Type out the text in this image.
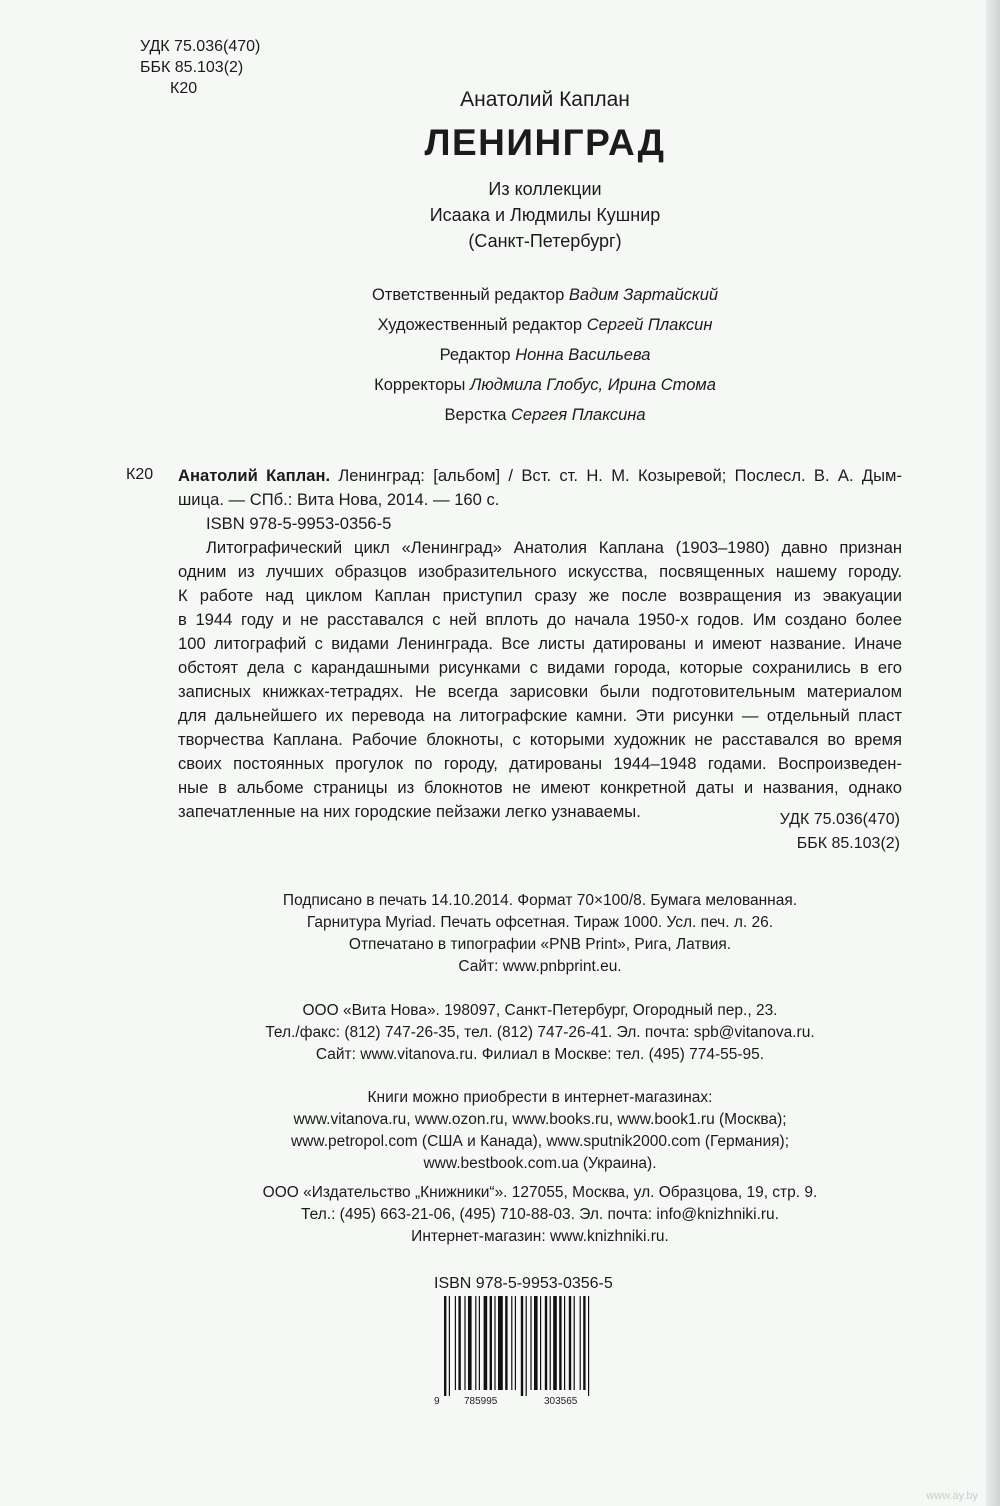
УДК 75.036(470)
ББК 85.103(2)
К20	Анатолий Каплан
ЛЕНИНГРАД
Из коллекции
Исаака и Людмилы Кушнир
(Санкт-Петербург)
Ответственный редактор Вадим Зартайский
Художественный редактор Сергей Плаксин
Редактор Нонна Васильева
Корректоры Людмила Глобус, Ирина Стома
Верстка Сергея Плаксина
К20 Анатолий Каплан. Ленинград: [альбом] / Вст. ст. Н. М. Козыревой; Послесл. В. А. Дым-
шица. — СПб.: Вита Нова, 2014. — 160 с.
ISBN 978-5-9953-0356-5
Литографический цикл «Ленинград» Анатолия Каплана (1903–1980) давно признан
одним из лучших образцов изобразительного искусства, посвященных нашему городу.
К работе над циклом Каплан приступил сразу же после возвращения из эвакуации
в 1944 году и не расставался с ней вплоть до начала 1950-х годов. Им создано более
100 литографий с видами Ленинграда. Все листы датированы и имеют название. Иначе
обстоят дела с карандашными рисунками с видами города, которые сохранились в его
записных книжках-тетрадях. Не всегда зарисовки были подготовительным материалом
для дальнейшего их перевода на литографские камни. Эти рисунки — отдельный пласт
творчества Каплана. Рабочие блокноты, с которыми художник не расставался во время
своих постоянных прогулок по городу, датированы 1944–1948 годами. Воспроизведен-
ные в альбоме страницы из блокнотов не имеют конкретной даты и названия, однако
запечатленные на них городские пейзажи легко узнаваемы.	УДК 75.036(470)
ББК 85.103(2)
Подписано в печать 14.10.2014. Формат 70×100/8. Бумага мелованная.
Гарнитура Myriad. Печать офсетная. Тираж 1000. Усл. печ. л. 26.
Отпечатано в типографии «PNB Print», Рига, Латвия.
Сайт: www.pnbprint.eu.
ООО «Вита Нова». 198097, Санкт-Петербург, Огородный пер., 23.
Тел./факс: (812) 747-26-35, тел. (812) 747-26-41. Эл. почта: spb@vitanova.ru.
Сайт: www.vitanova.ru. Филиал в Москве: тел. (495) 774-55-95.
Книги можно приобрести в интернет-магазинах:
www.vitanova.ru, www.ozon.ru, www.books.ru, www.book1.ru (Москва);
www.petropol.com (США и Канада), www.sputnik2000.com (Германия);
www.bestbook.com.ua (Украина).
ООО «Издательство „Книжники“». 127055, Москва, ул. Образцова, 19, стр. 9.
Тел.: (495) 663-21-06, (495) 710-88-03. Эл. почта: info@knizhniki.ru.
Интернет-магазин: www.knizhniki.ru.
ISBN 978-5-9953-0356-5
9 785995	303565
www.ay.by
